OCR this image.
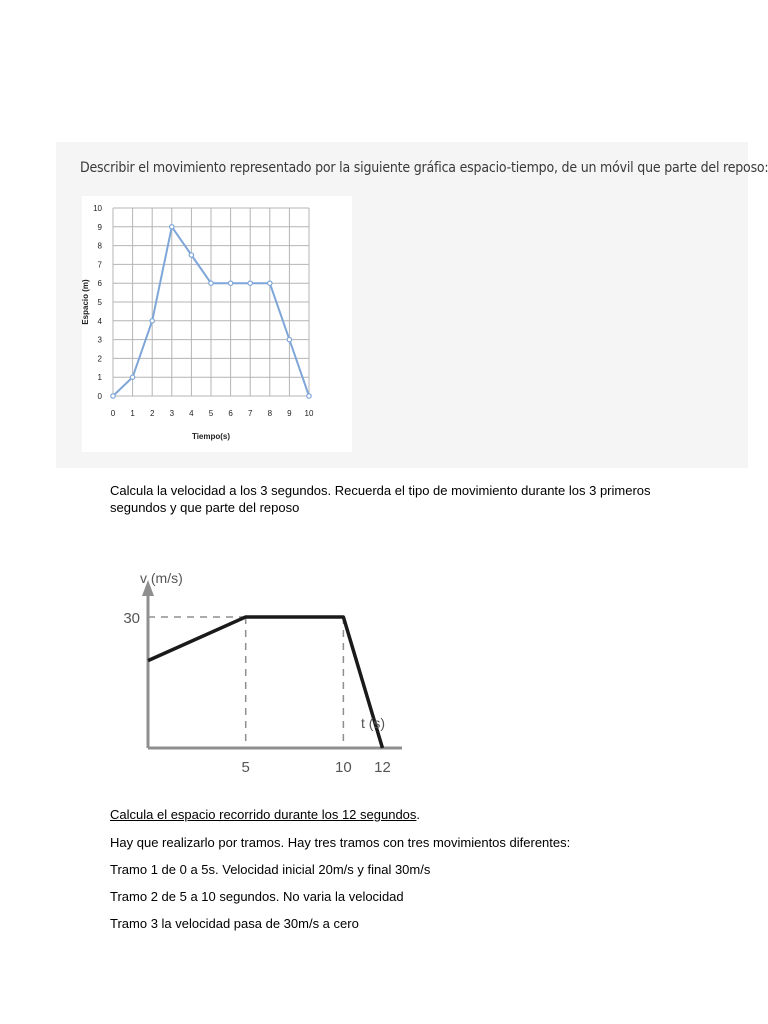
Describir el movimiento representado por la siguiente gráfica espacio-tiempo, de un móvil que parte del reposo:

0 1 2 3 4 5 6 7 8 9 10
0
1
2
3
4
5
6
7
8
9
10
Tiempo(s)
Espacio (m)

Calcula la velocidad a los 3 segundos. Recuerda el tipo de movimiento durante los 3 primeros

segundos y que parte del reposo

30
5	10 12
v (m/s)
t (s)

Calcula el espacio recorrido durante los 12 segundos.

Hay que realizarlo por tramos. Hay tres tramos con tres movimientos diferentes:

Tramo 1 de 0 a 5s. Velocidad inicial 20m/s y final 30m/s

Tramo 2 de 5 a 10 segundos. No varia la velocidad

Tramo 3 la velocidad pasa de 30m/s a cero
